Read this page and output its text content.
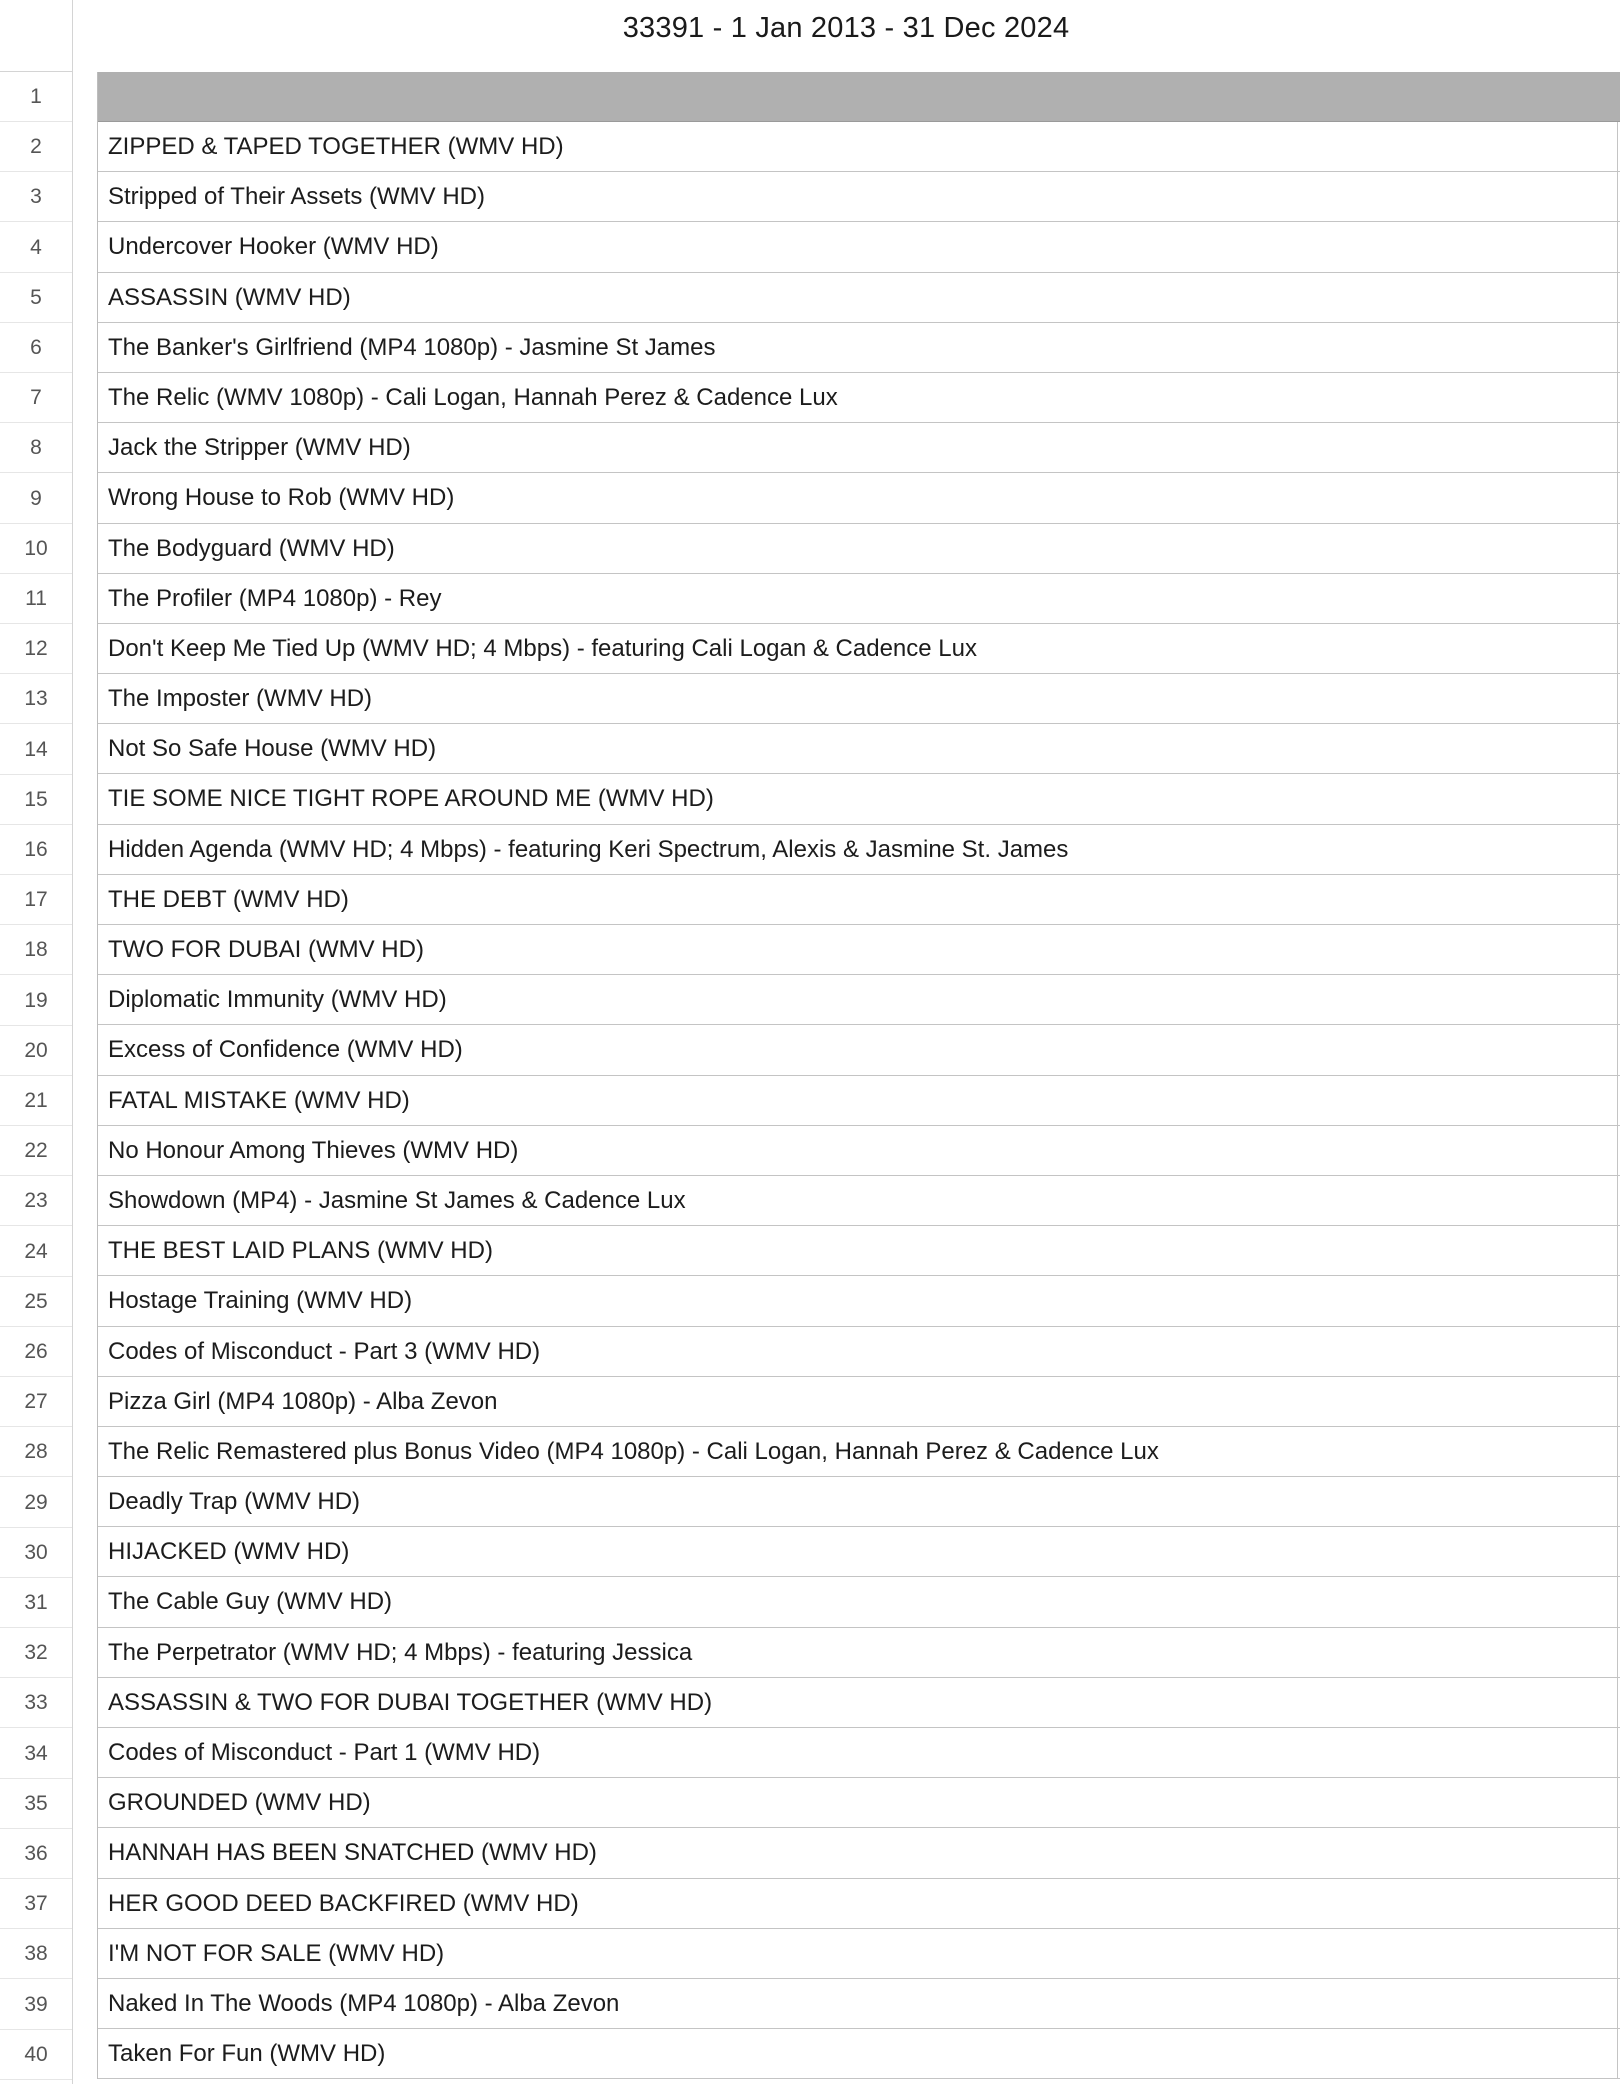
1
2
3
4
5
6
7
8
9
10
11
12
13
14
15
16
17
18
19
20
21
22
23
24
25
26
27
28
29
30
31
32
33
34
35
36
37
38
39
40
33391 - 1 Jan 2013 - 31 Dec 2024
ZIPPED & TAPED TOGETHER (WMV HD)
Stripped of Their Assets (WMV HD)
Undercover Hooker (WMV HD)
ASSASSIN (WMV HD)
The Banker's Girlfriend (MP4 1080p) - Jasmine St James
The Relic (WMV 1080p) - Cali Logan, Hannah Perez & Cadence Lux
Jack the Stripper (WMV HD)
Wrong House to Rob (WMV HD)
The Bodyguard (WMV HD)
The Profiler (MP4 1080p) - Rey
Don't Keep Me Tied Up (WMV HD; 4 Mbps) - featuring Cali Logan & Cadence Lux
The Imposter (WMV HD)
Not So Safe House (WMV HD)
TIE SOME NICE TIGHT ROPE AROUND ME (WMV HD)
Hidden Agenda (WMV HD; 4 Mbps) - featuring Keri Spectrum, Alexis & Jasmine St. James
THE DEBT (WMV HD)
TWO FOR DUBAI (WMV HD)
Diplomatic Immunity (WMV HD)
Excess of Confidence (WMV HD)
FATAL MISTAKE (WMV HD)
No Honour Among Thieves (WMV HD)
Showdown (MP4) - Jasmine St James & Cadence Lux
THE BEST LAID PLANS (WMV HD)
Hostage Training (WMV HD)
Codes of Misconduct - Part 3 (WMV HD)
Pizza Girl (MP4 1080p) - Alba Zevon
The Relic Remastered plus Bonus Video (MP4 1080p) - Cali Logan, Hannah Perez & Cadence Lux
Deadly Trap (WMV HD)
HIJACKED (WMV HD)
The Cable Guy (WMV HD)
The Perpetrator (WMV HD; 4 Mbps) - featuring Jessica
ASSASSIN & TWO FOR DUBAI TOGETHER (WMV HD)
Codes of Misconduct - Part 1 (WMV HD)
GROUNDED (WMV HD)
HANNAH HAS BEEN SNATCHED (WMV HD)
HER GOOD DEED BACKFIRED (WMV HD)
I'M NOT FOR SALE (WMV HD)
Naked In The Woods (MP4 1080p) - Alba Zevon
Taken For Fun (WMV HD)
